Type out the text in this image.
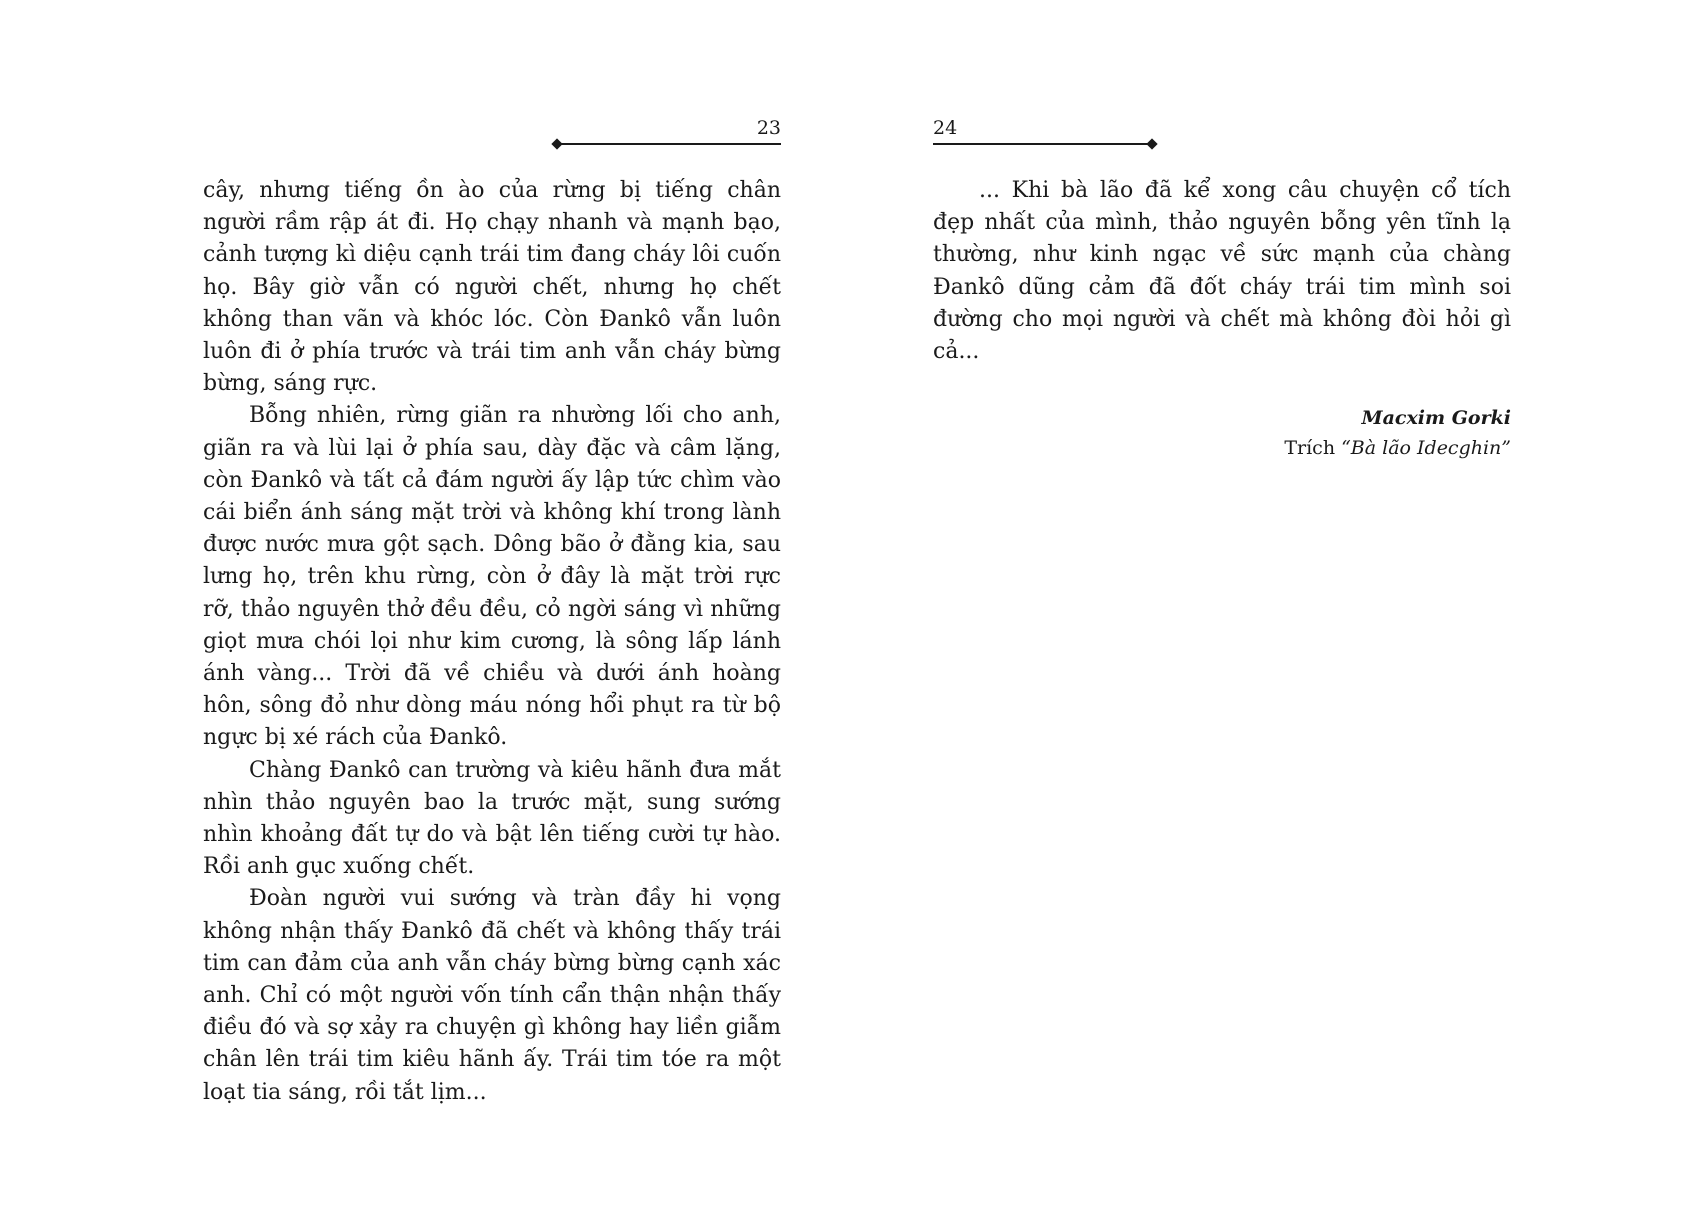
23

cây, nhưng tiếng ồn ào của rừng bị tiếng chân người rầm rập át đi. Họ chạy nhanh và mạnh bạo, cảnh tượng kì diệu cạnh trái tim đang cháy lôi cuốn họ. Bây giờ vẫn có người chết, nhưng họ chết không than vãn và khóc lóc. Còn Đankô vẫn luôn luôn đi ở phía trước và trái tim anh vẫn cháy bừng bừng, sáng rực.

Bỗng nhiên, rừng giãn ra nhường lối cho anh, giãn ra và lùi lại ở phía sau, dày đặc và câm lặng, còn Đankô và tất cả đám người ấy lập tức chìm vào cái biển ánh sáng mặt trời và không khí trong lành được nước mưa gột sạch. Dông bão ở đằng kia, sau lưng họ, trên khu rừng, còn ở đây là mặt trời rực rỡ, thảo nguyên thở đều đều, cỏ ngời sáng vì những giọt mưa chói lọi như kim cương, là sông lấp lánh ánh vàng... Trời đã về chiều và dưới ánh hoàng hôn, sông đỏ như dòng máu nóng hổi phụt ra từ bộ ngực bị xé rách của Đankô.

Chàng Đankô can trường và kiêu hãnh đưa mắt nhìn thảo nguyên bao la trước mặt, sung sướng nhìn khoảng đất tự do và bật lên tiếng cười tự hào. Rồi anh gục xuống chết.

Đoàn người vui sướng và tràn đầy hi vọng không nhận thấy Đankô đã chết và không thấy trái tim can đảm của anh vẫn cháy bừng bừng cạnh xác anh. Chỉ có một người vốn tính cẩn thận nhận thấy điều đó và sợ xảy ra chuyện gì không hay liền giẫm chân lên trái tim kiêu hãnh ấy. Trái tim tóe ra một loạt tia sáng, rồi tắt lịm...

24

... Khi bà lão đã kể xong câu chuyện cổ tích đẹp nhất của mình, thảo nguyên bỗng yên tĩnh lạ thường, như kinh ngạc về sức mạnh của chàng Đankô dũng cảm đã đốt cháy trái tim mình soi đường cho mọi người và chết mà không đòi hỏi gì cả...

Macxim Gorki
Trích “Bà lão Idecghin”
